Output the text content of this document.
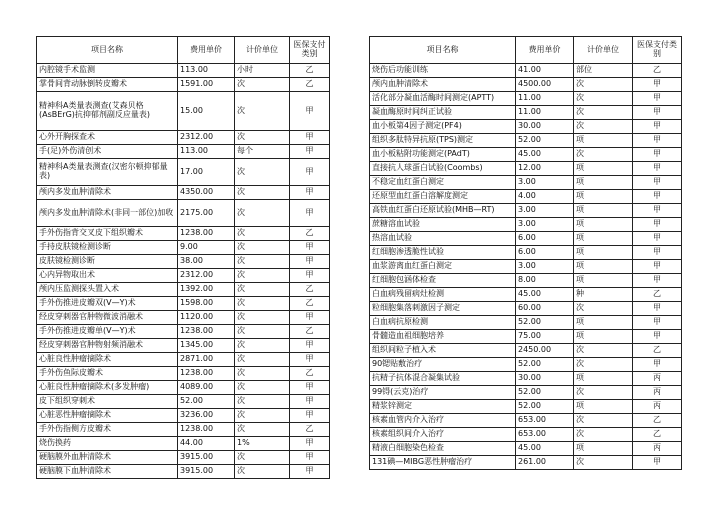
项目名称	费用单价	计价单位	医保支付类别
内腔镜手术监测	113.00	小时	乙
掌骨间背动脉倒转皮瓣术	1591.00	次	乙
精神科A类量表测查(艾森贝格(AsBErG)抗抑郁剂副反应量表)	15.00	次	甲
心外开胸探查术	2312.00	次	甲
手(足)外伤清创术	113.00	每个	甲
精神科A类量表测查(汉密尔顿抑郁量表)	17.00	次	甲
颅内多发血肿清除术	4350.00	次	甲
颅内多发血肿清除术(非同一部位)加收	2175.00	次	甲
手外伤指背交叉皮下组织瓣术	1238.00	次	乙
手持皮肤镜检测诊断	9.00	次	甲
皮肤镜检测诊断	38.00	次	甲
心内异物取出术	2312.00	次	甲
颅内压监测探头置入术	1392.00	次	乙
手外伤推进皮瓣双(V—Y)术	1598.00	次	乙
经皮穿刺器官肿物微波消融术	1120.00	次	甲
手外伤推进皮瓣单(V—Y)术	1238.00	次	乙
经皮穿刺器官肿物射频消融术	1345.00	次	甲
心脏良性肿瘤摘除术	2871.00	次	甲
手外伤鱼际皮瓣术	1238.00	次	乙
心脏良性肿瘤摘除术(多发肿瘤)	4089.00	次	甲
皮下组织穿刺术	52.00	次	甲
心脏恶性肿瘤摘除术	3236.00	次	甲
手外伤指侧方皮瓣术	1238.00	次	乙
烧伤换药	44.00	1%	甲
硬脑膜外血肿清除术	3915.00	次	甲
硬脑膜下血肿清除术	3915.00	次	甲
项目名称	费用单价	计价单位	医保支付类别
烧伤后功能训练	41.00	部位	乙
颅内血肿清除术	4500.00	次	甲
活化部分凝血活酶时间测定(APTT)	11.00	次	甲
凝血酶原时间纠正试验	11.00	次	甲
血小板第4因子测定(PF4)	30.00	次	甲
组织多肽特异抗原(TPS)测定	52.00	项	甲
血小板粘附功能测定(PAdT)	45.00	次	甲
直接抗人球蛋白试验(Coombs)	12.00	项	甲
不稳定血红蛋白测定	3.00	项	甲
还原型血红蛋白溶解度测定	4.00	项	甲
高铁血红蛋白还原试验(MHB—RT)	3.00	项	甲
蔗糖溶血试验	3.00	项	甲
热溶血试验	6.00	项	甲
红细胞渗透脆性试验	6.00	项	甲
血浆游离血红蛋白测定	3.00	项	甲
红细胞包涵体检查	8.00	项	甲
白血病残留病灶检测	45.00	种	乙
粒细胞集落刺激因子测定	60.00	次	甲
白血病抗原检测	52.00	项	甲
骨髓造血祖细胞培养	75.00	项	甲
组织间粒子植入术	2450.00	次	乙
90锶贴敷治疗	52.00	次	甲
抗精子抗体混合凝集试验	30.00	项	丙
99锝(云克)治疗	52.00	次	丙
精浆锌测定	52.00	项	丙
核素血管内介入治疗	653.00	次	乙
核素组织间介入治疗	653.00	次	乙
精液白细胞染色检查	45.00	项	丙
131碘—MIBG恶性肿瘤治疗	261.00	次	甲
